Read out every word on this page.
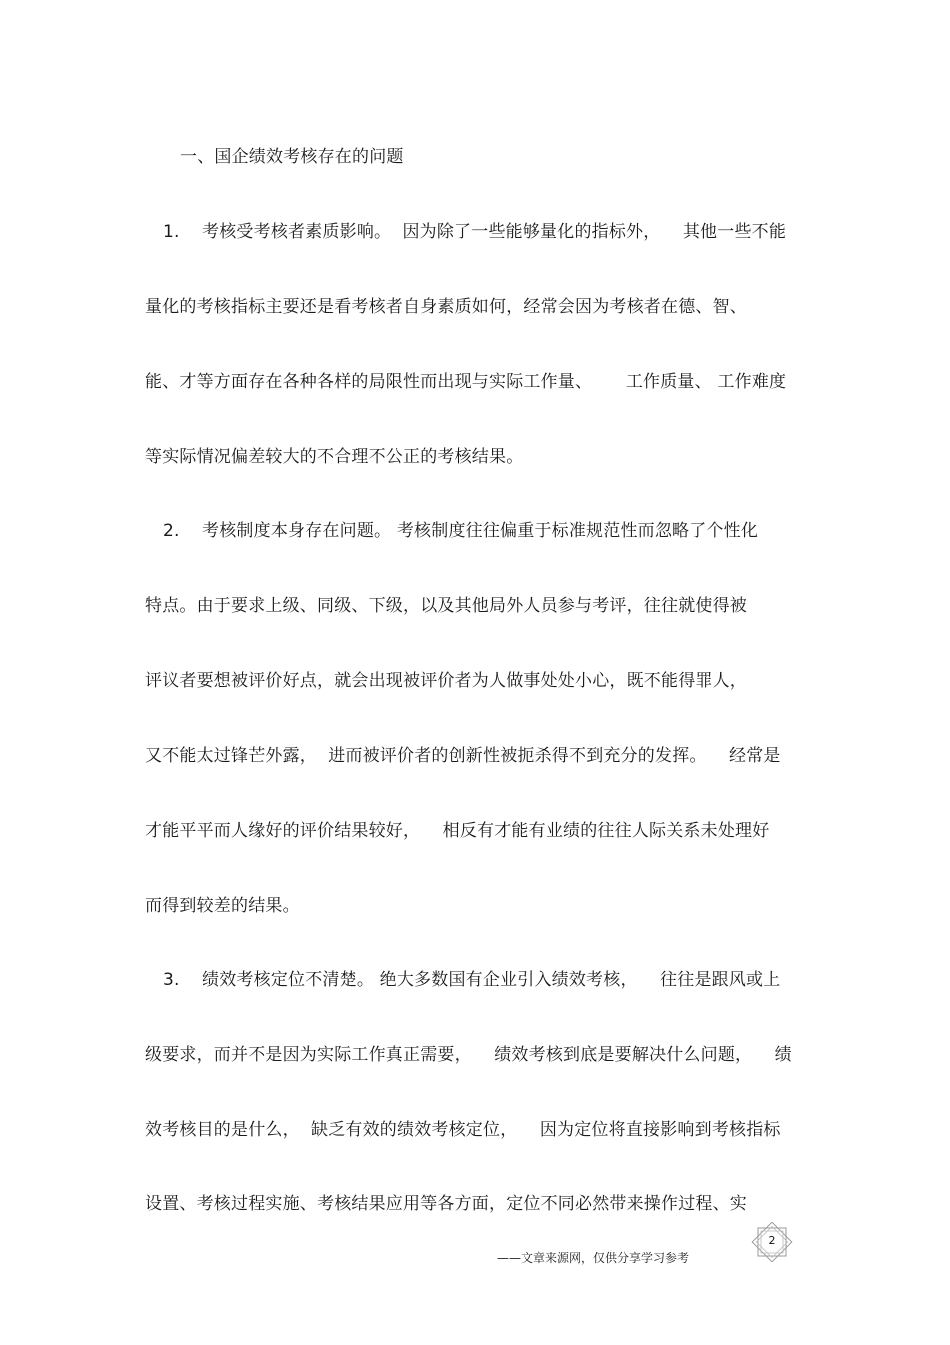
一、国企绩效考核存在的问题
1.    考核受考核者素质影响。  因为除了一些能够量化的指标外，    其他一些不能
量化的考核指标主要还是看考核者自身素质如何，经常会因为考核者在德、智、
能、才等方面存在各种各样的局限性而出现与实际工作量、      工作质量、 工作难度
等实际情况偏差较大的不合理不公正的考核结果。
2.    考核制度本身存在问题。 考核制度往往偏重于标准规范性而忽略了个性化
特点。由于要求上级、同级、下级，以及其他局外人员参与考评，往往就使得被
评议者要想被评价好点，就会出现被评价者为人做事处处小心，既不能得罪人，
又不能太过锋芒外露，  进而被评价者的创新性被扼杀得不到充分的发挥。    经常是
才能平平而人缘好的评价结果较好，    相反有才能有业绩的往往人际关系未处理好
而得到较差的结果。
3.    绩效考核定位不清楚。 绝大多数国有企业引入绩效考核，    往往是跟风或上
级要求，而并不是因为实际工作真正需要，    绩效考核到底是要解决什么问题，    绩
效考核目的是什么，  缺乏有效的绩效考核定位，    因为定位将直接影响到考核指标
设置、考核过程实施、考核结果应用等各方面，定位不同必然带来操作过程、实
——文章来源网，仅供分享学习参考
2
